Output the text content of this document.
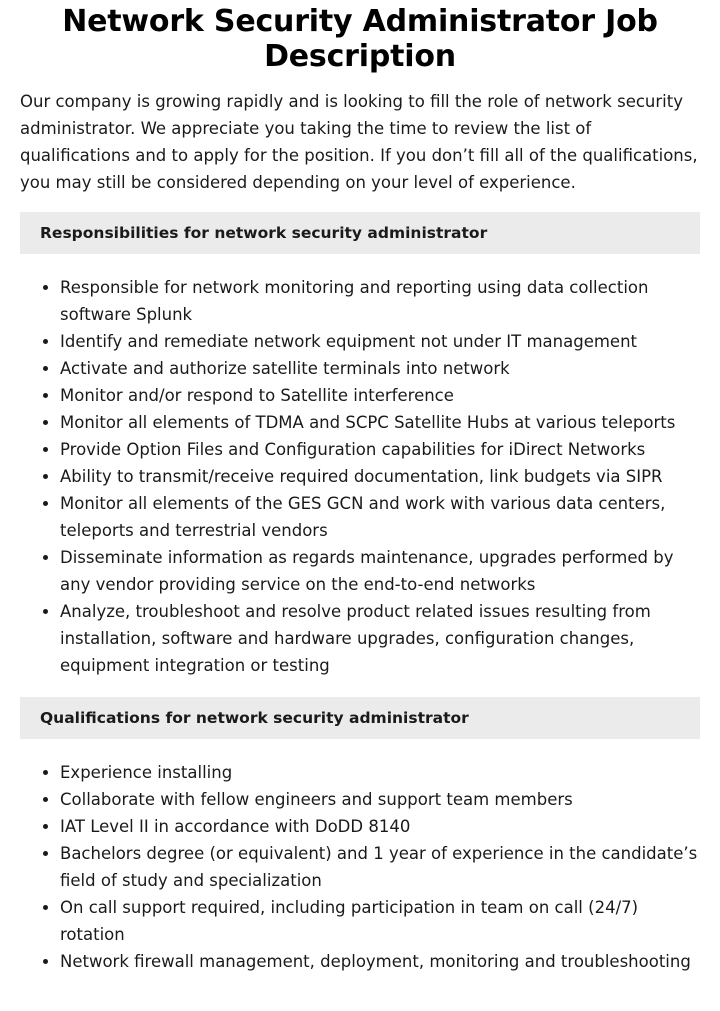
Network Security Administrator Job Description

Our company is growing rapidly and is looking to fill the role of network security administrator. We appreciate you taking the time to review the list of qualifications and to apply for the position. If you don’t fill all of the qualifications, you may still be considered depending on your level of experience.

Responsibilities for network security administrator
• Responsible for network monitoring and reporting using data collection software Splunk
• Identify and remediate network equipment not under IT management
• Activate and authorize satellite terminals into network
• Monitor and/or respond to Satellite interference
• Monitor all elements of TDMA and SCPC Satellite Hubs at various teleports
• Provide Option Files and Configuration capabilities for iDirect Networks
• Ability to transmit/receive required documentation, link budgets via SIPR
• Monitor all elements of the GES GCN and work with various data centers, teleports and terrestrial vendors
• Disseminate information as regards maintenance, upgrades performed by any vendor providing service on the end-to-end networks
• Analyze, troubleshoot and resolve product related issues resulting from installation, software and hardware upgrades, configuration changes, equipment integration or testing
Qualifications for network security administrator
• Experience installing
• Collaborate with fellow engineers and support team members
• IAT Level II in accordance with DoDD 8140
• Bachelors degree (or equivalent) and 1 year of experience in the candidate’s field of study and specialization
• On call support required, including participation in team on call (24/7) rotation
• Network firewall management, deployment, monitoring and troubleshooting
